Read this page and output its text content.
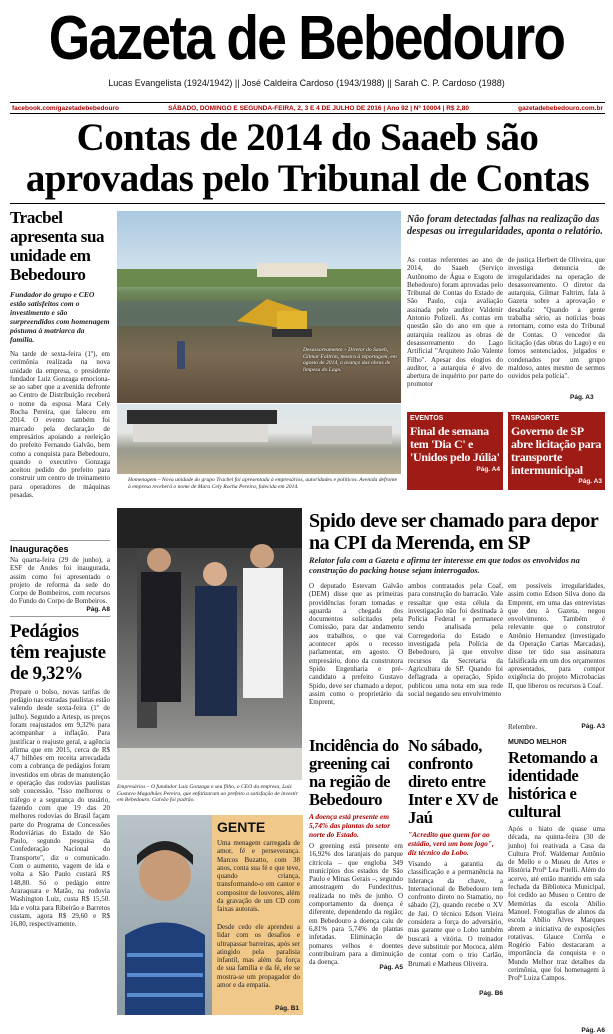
Gazeta de Bebedouro
Lucas Evangelista (1924/1942) || José Caldeira Cardoso (1943/1988) || Sarah C. P. Cardoso (1988)
facebook.com/gazetadebebedouro	SÁBADO, DOMINGO E SEGUNDA-FEIRA, 2, 3 E 4 DE JULHO DE 2016 | Ano 92 | Nº 10004 | R$ 2,80	gazetadebebedouro.com.br
Contas de 2014 do Saaeb são aprovadas pelo Tribunal de Contas
Tracbel apresenta sua unidade em Bebedouro
Fundador do grupo e CEO estão satisfeitos com o investimento e são surpreendidos com homenagem póstuma à matriarca da família.
Na tarde de sexta-feira (1º), em cerimônia realizada na nova unidade da empresa, o presidente fundador Luiz Gonzaga emociona-se ao saber que a avenida defronte ao Centro de Distribuição receberá o nome da esposa Mara Cely Rocha Pereira, que faleceu em 2014. O evento também foi marcado pela declaração de empresários apoiando a reeleição do prefeito Fernando Galvão, bem como a conquista para Bebedouro, quando o executivo Gonzaga aceitou pedido do prefeito para construir um centro de treinamento para operadores de máquinas pesadas.
Inaugurações
Na quarta-feira (29 de junho), a ESF de Andes foi inaugurada, assim como foi apresentado o projeto de reforma da sede do Corpo de Bombeiros, com recursos do Fundo do Corpo de Bombeiros.
Pág. A8
Pedágios têm reajuste de 9,32%
Prepare o bolso, novas tarifas de pedágio nas estradas paulistas estão valendo desde sexta-feira (1º de julho). Segundo a Artesp, os preços foram reajustados em 9,32% para acompanhar a inflação. Para justificar o reajuste geral, a agência afirma que em 2015, cerca de R$ 4,7 bilhões em receita arrecadada com a cobrança de pedágios foram investidos em obras de manutenção e operação das rodovias paulistas sob concessão. "Isso melhorou o tráfego e a segurança do usuário, fazendo com que 19 das 20 melhores rodovias do Brasil façam parte do Programa de Concessões Rodoviárias do Estado de São Paulo, segundo pesquisa da Confederação Nacional do Transporte", diz o comunicado. Com o aumento, vagem de ida e volta a São Paulo custará R$ 148,80. Só o pedágio entre Araraquara e Matão, na rodovia Washington Luiz, custa R$ 15,50. Ida e volta para Ribeirão e Barretos custam, agora R$ 29,60 e R$ 16,80, respectivamente.
Desassoreamento – Diretor do Saaeb, Gilmar Faltrim, mostra à reportagem, em agosto de 2014, o avanço das obras de limpeza do Lago.
Homenagem – Nova unidade do grupo Tracbel foi apresentada à empresários, autoridades e políticos. Avenida defronte à empresa receberá o nome de Mara Cely Rocha Pereira, falecida em 2014.
Não foram detectadas falhas na realização das despesas ou irregularidades, aponta o relatório.
As contas referentes ao ano de 2014, do Saaeb (Serviço Autônomo de Água e Esgoto de Bebedouro) foram aprovadas pelo Tribunal de Contas do Estado de São Paulo, cuja avaliação assinada pelo auditor Valdenir Antonio Polizeli. As contas em questão são do ano em que a autarquia realizou as obras de desassoreamento do Lago Artificial "Arquiteto João Valente Filho". Apesar dos elogios do auditor, a autarquia é alvo de abertura de inquérito por parte do promotor
de justiça Herbert de Oliveira, que investiga denuncia de irregularidades na operação de desassoreamento. O diretor da autarquia, Gilmar Faltrim, fala à Gazeta sobre a aprovação e desabafa: "Quando a gente trabalha sério, as notícias boas retornam, como esta do Tribunal de Contas. O vencedor da licitação (das obras do Lago) e eu fomos sentenciados, julgados e condenados por um grupo maldoso, antes mesmo de sermos ouvidos pela polícia".
Pág. A3
EVENTOS
Final de semana tem 'Dia C' e 'Unidos pelo Júlia'
Pág. A4
TRANSPORTE
Governo de SP abre licitação para transporte intermunicipal
Pág. A3
Empresários – O fundador Luiz Gonzaga e seu filho, o CEO da empresa, Luiz Gustavo Magalhães Pereira, que enfatizaram ao prefeito a satisfação de investir em Bebedouro. Galvão foi padrão.
Spido deve ser chamado para depor na CPI da Merenda, em SP
Relator fala com a Gazeta e afirma ter interesse em que todos os envolvidos na construção do packing house sejam interrogados.
O deputado Estevam Galvão (DEM) disse que as primeiras providências foram tomadas e aguarda a chegada dos documentos solicitados pela Comissão, para dar andamento aos trabalhos, o que vai acontecer após o recesso parlamentar, em agosto. O empresário, dono da construtora Spido Engenharia e pré-candidato a prefeito Gustavo Spido, deve ser chamado a depor, assim como o proprietário da Emprent,
ambos contratados pela Coaf, para construção do barracão. Vale ressaltar que esta célula da investigação não foi destinada à Polícia Federal e permanece sendo analisada pela Corregedoria do Estado e investigada pela Polícia de Bebedouro, já que envolve recursos da Secretaria da Agricultura de SP. Quando foi deflagrada a operação, Spido publicou uma nota em sua rede social negando seu envolvimento
em possíveis irregularidades, assim como Edson Silva dono da Emprent, em uma das entrevistas que deu à Gazeta, negou envolvimento. Também é relevante que o construtor Antônio Hernandez (investigado da Operação Cartas Marcadas), disse ter tido sua assinatura falsificada em um dos orçamentos apresentados, para compor exigência do projeto Microbacias II, que liberou os recursos à Coaf.
Relembre.	Pág. A3
Incidência do greening cai na região de Bebedouro
A doença está presente em 5,74% das plantas do setor norte do Estado.
O greening está presente em 16,92% dos laranjais do parque citrícola – que engloba 349 municípios dos estados de São Paulo e Minas Gerais –, segundo amostragem do Fundecitrus, realizada no mês de junho. O comportamento da doença é diferente, dependendo da região; em Bebedouro a doença caiu de 6,81% para 5,74% de plantas infetadas. Eliminação de pomares velhos e doentes contribuíram para a diminuição da doença.
Pág. A5
No sábado, confronto direto entre Inter e XV de Jaú
"Acredito que quem for ao estádio, verá um bom jogo", diz técnico do Lobo.
Visando a garantia da classificação e a permanência na liderança da chave, a Internacional de Bebedouro tem confronto direto no Stamatio, no sábado (2), quando recebe o XV de Jaú. O técnico Edson Vieira considera a força do adversário, mas garante que o Lobo também buscará a vitória. O treinador deve substituir por Mococa, além de contar com o trio Carlão, Brumati e Matheus Oliveira.
Pág. B6
MUNDO MELHOR
Retomando a identidade histórica e cultural
Após o hiato de quase uma década, na quinta-feira (30 de junho) foi reativada a Casa da Cultura Prof. Waldemar Antônio de Mello e o Museu de Artes e História Profª Lea Pitelli. Além do acervo, até então mantido em sala fechada da Biblioteca Municipal, foi cedido ao Museu o Centro de Memórias da escola Abílio Manoel. Fotografias de alunos da escola Abílio Alves Marques abrem a iniciativa de exposições rotativas. Glauce Corrêa e Rogério Fabio destacaram a importância da conquista e o Mundo Melhor traz detalhes da cerimônia, que foi homenagem à Profª Luiza Campos.
Pág. A6
GENTE
Uma menagem carregada de amor, fé e perseverança. Marcos Buzatto, com 38 anos, conta sua fé e que teve, quando criança, transformando-o em cantor e compositor de louvores, além da gravação de um CD com faixas autorais.
Desde cedo ele aprendeu a lidar com os desafios e ultrapassar barreiras, após ser atingido pela paralisia infantil, mas além da força de sua família e da fé, ele se mostra-se um propagador do amor e da empatia.
Pág. B1
